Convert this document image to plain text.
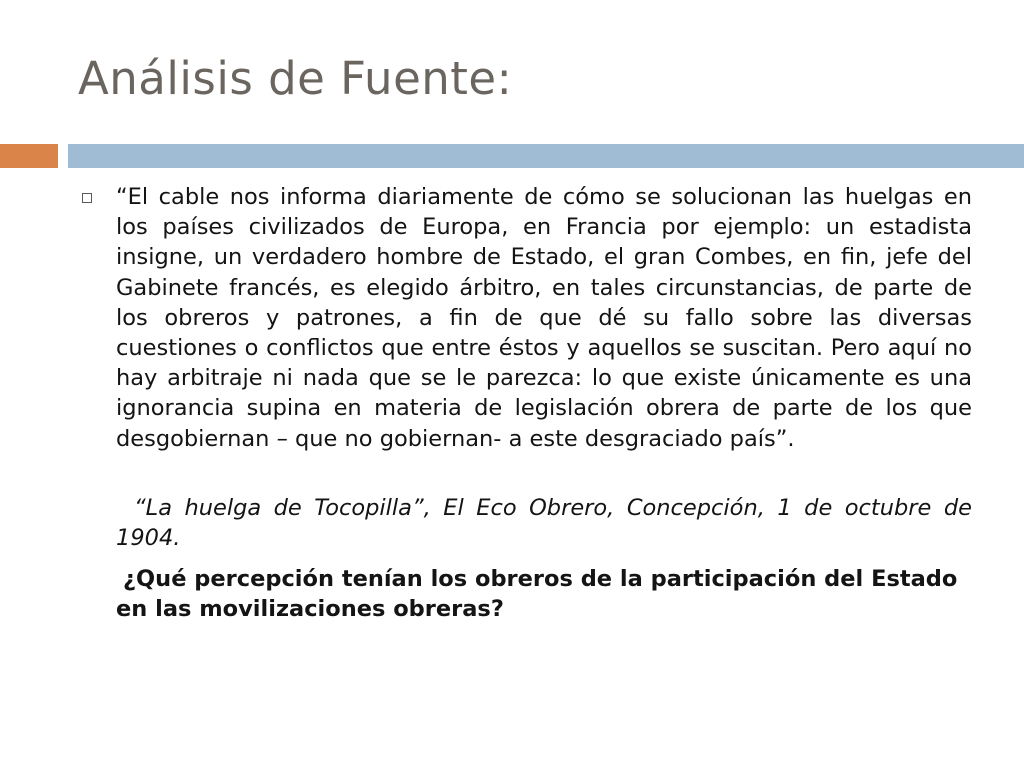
Análisis de Fuente:
“El cable nos informa diariamente de cómo se solucionan las huelgas en los países civilizados de Europa, en Francia por ejemplo: un estadista insigne, un verdadero hombre de Estado, el gran Combes, en fin, jefe del Gabinete francés, es elegido árbitro, en tales circunstancias, de parte de los obreros y patrones, a fin de que dé su fallo sobre las diversas cuestiones o conflictos que entre éstos y aquellos se suscitan. Pero aquí no hay arbitraje ni nada que se le parezca: lo que existe únicamente es una ignorancia supina en materia de legislación obrera de parte de los que desgobiernan – que no gobiernan- a este desgraciado país”.
“La huelga de Tocopilla”, El Eco Obrero, Concepción, 1 de octubre de 1904.
¿Qué percepción tenían los obreros de la participación del Estado en las movilizaciones obreras?
